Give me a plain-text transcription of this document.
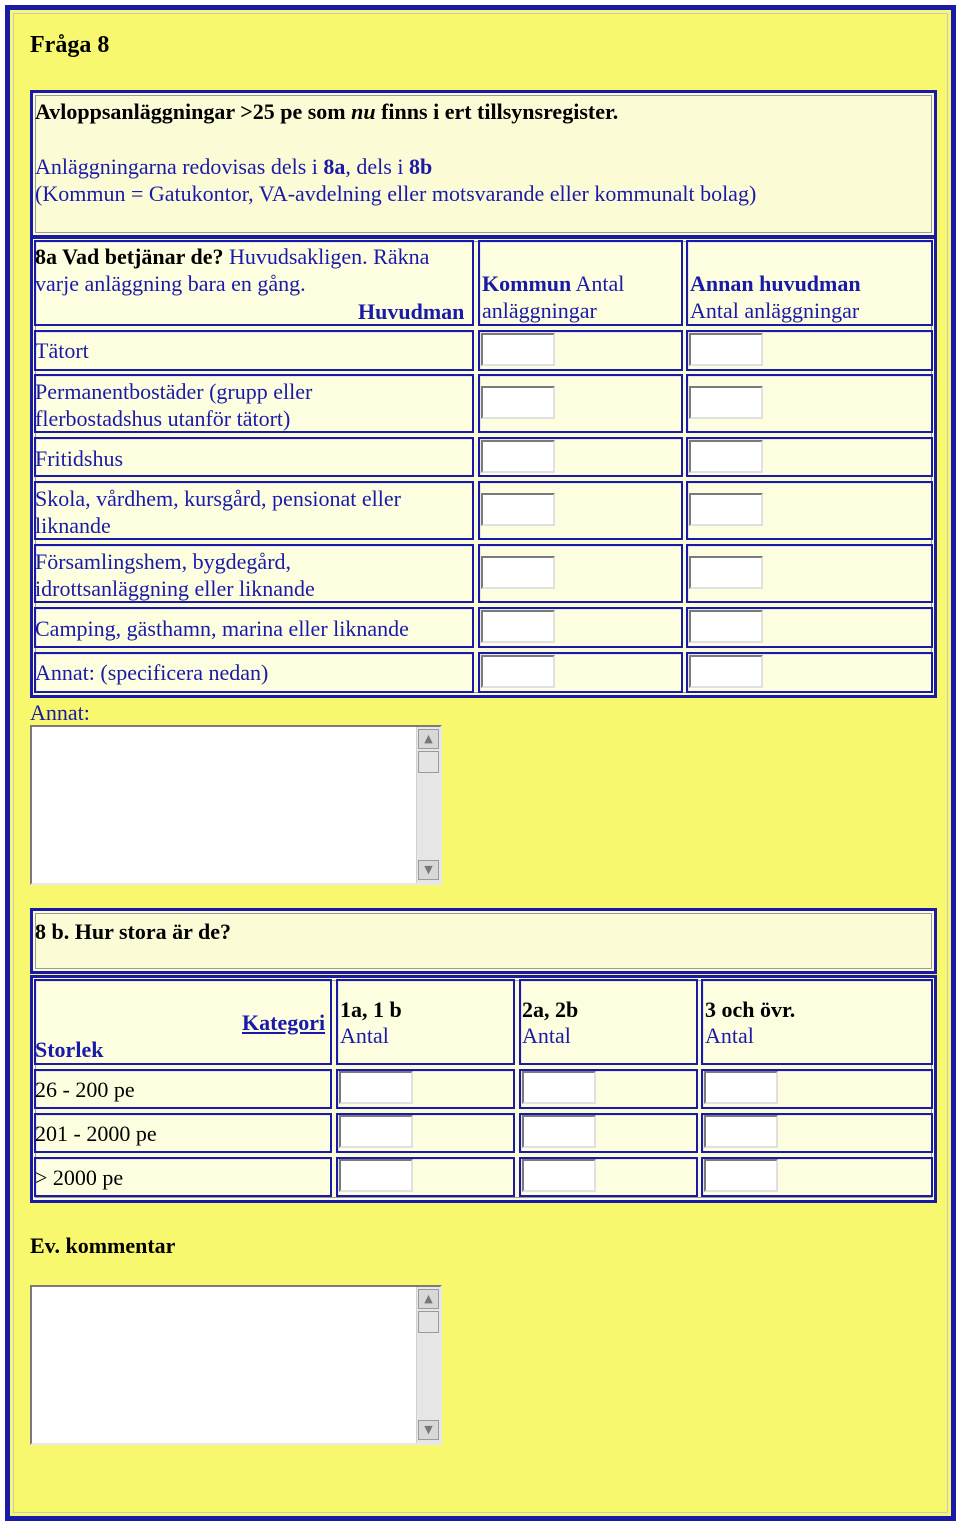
Fråga 8
Avloppsanläggningar >25 pe som nu finns i ert tillsynsregister.
Anläggningarna redovisas dels i 8a, dels i 8b
(Kommun = Gatukontor, VA-avdelning eller motsvarande eller kommunalt bolag)
8a Vad betjänar de? Huvudsakligen. Räkna
varje anläggning bara en gång.
Huvudman
Kommun Antal
anläggningar
Annan huvudman
Antal anläggningar
Tätort
Permanentbostäder (grupp eller
flerbostadshus utanför tätort)
Fritidshus
Skola, vårdhem, kursgård, pensionat eller
liknande
Församlingshem, bygdegård,
idrottsanläggning eller liknande
Camping, gästhamn, marina eller liknande
Annat: (specificera nedan)
Annat:
▲
▼
8 b. Hur stora är de?
Kategori
Storlek
1a, 1 b
Antal
2a, 2b
Antal
3 och övr.
Antal
26 - 200 pe
201 - 2000 pe
> 2000 pe
Ev. kommentar
▲
▼
